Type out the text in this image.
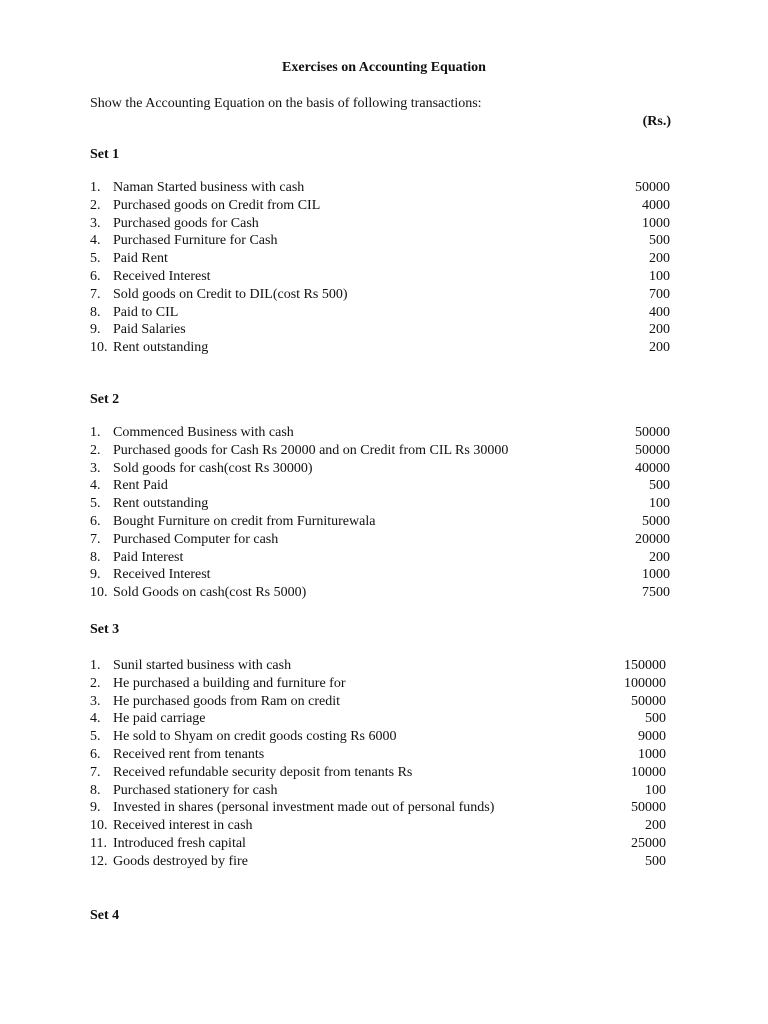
Exercises on Accounting Equation
Show the Accounting Equation on the basis of following transactions:
(Rs.)
Set 1
1. Naman Started business with cash	50000
2. Purchased goods on Credit from CIL	4000
3. Purchased goods for Cash	1000
4. Purchased Furniture for Cash	500
5. Paid Rent	200
6. Received Interest	100
7. Sold goods on Credit to DIL(cost Rs 500)	700
8. Paid to CIL	400
9. Paid Salaries	200
10. Rent outstanding	200
Set 2
1. Commenced Business with cash	50000
2. Purchased goods for Cash Rs 20000 and on Credit from CIL Rs 30000	50000
3. Sold goods for cash(cost Rs 30000)	40000
4. Rent Paid	500
5. Rent outstanding	100
6. Bought Furniture on credit from Furniturewala	5000
7. Purchased Computer for cash	20000
8. Paid Interest	200
9. Received Interest	1000
10. Sold Goods on cash(cost Rs 5000)	7500
Set 3
1. Sunil started business with cash	150000
2. He purchased a building and furniture for	100000
3. He purchased goods from Ram on credit	50000
4. He paid carriage	500
5. He sold to Shyam on credit goods costing Rs 6000	9000
6. Received rent from tenants	1000
7. Received refundable security deposit from tenants Rs	10000
8. Purchased stationery for cash	100
9. Invested in shares (personal investment made out of personal funds)	50000
10. Received interest in cash	200
11. Introduced fresh capital	25000
12. Goods destroyed by fire	500
Set 4
